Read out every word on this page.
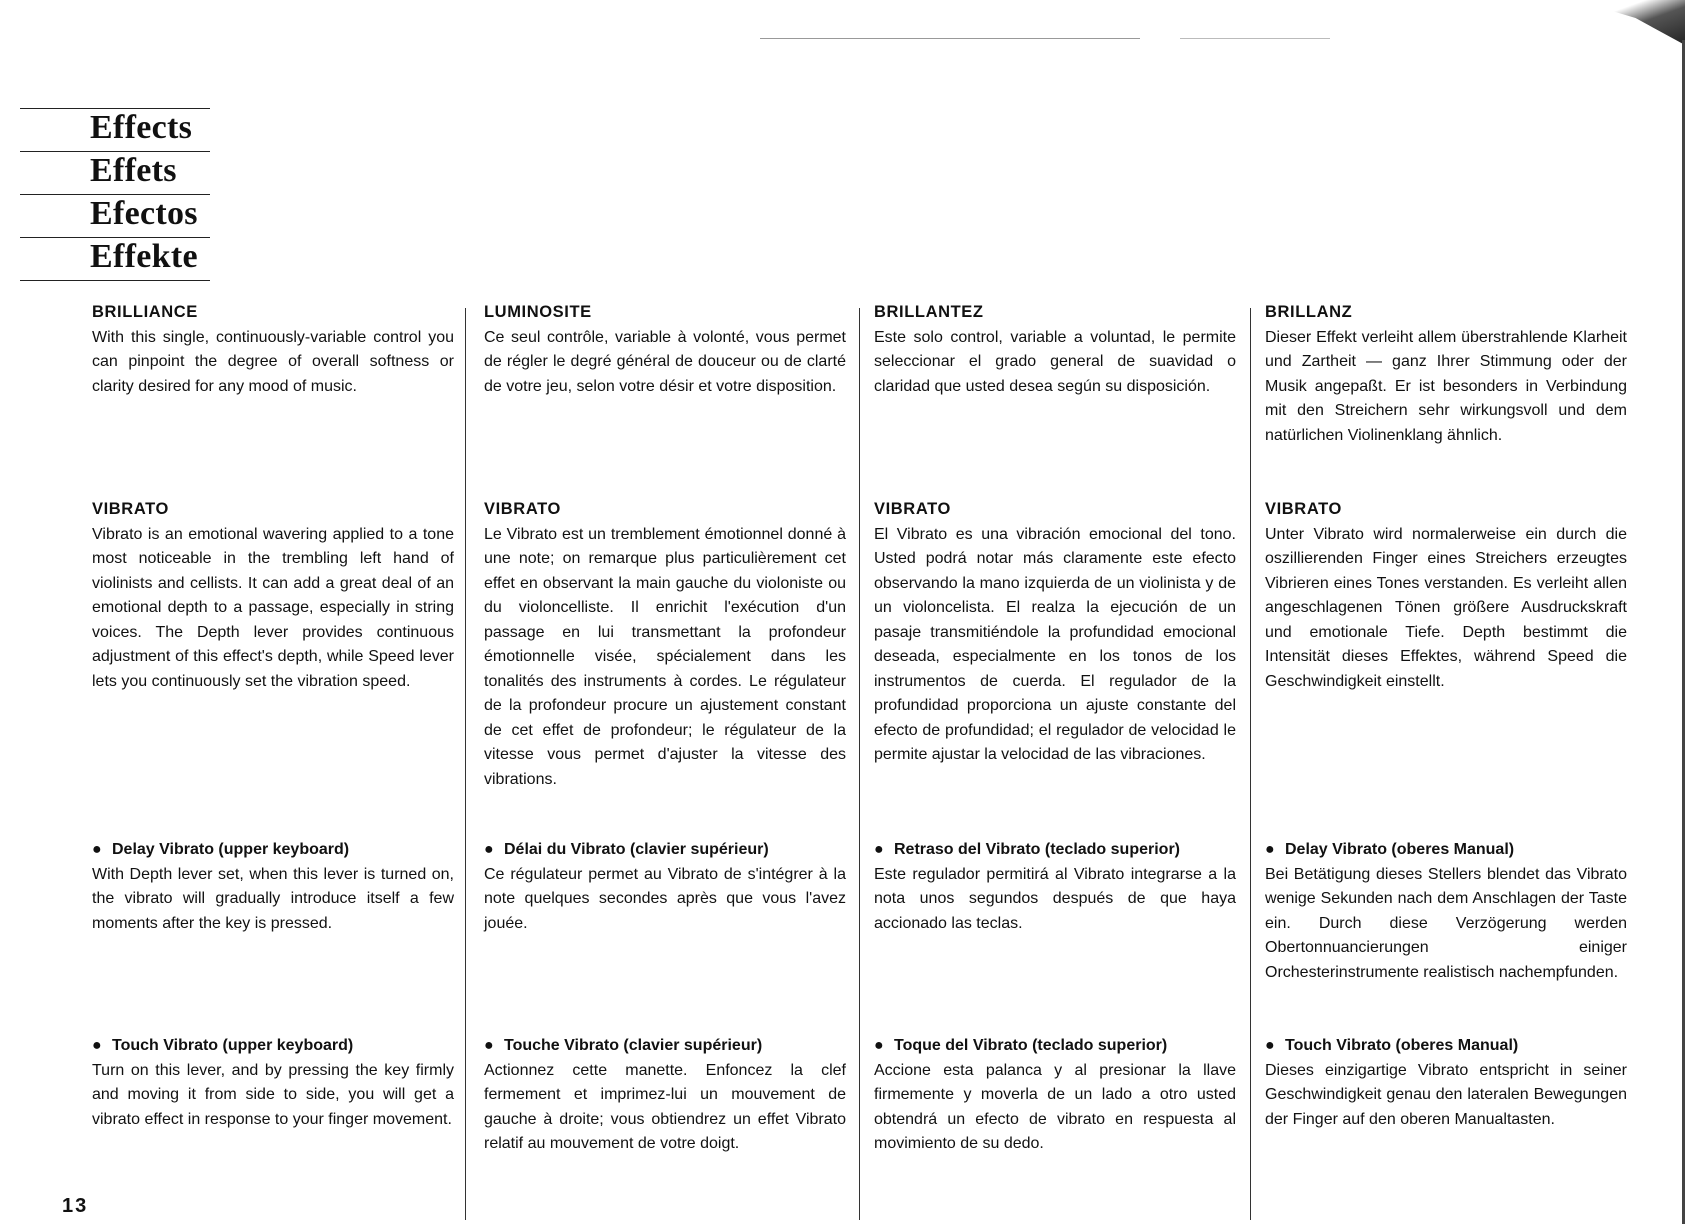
Effects
Effets
Efectos
Effekte
BRILLIANCE

With this single, continuously-variable control you can pinpoint the degree of overall softness or clarity desired for any mood of music.

VIBRATO

Vibrato is an emotional wavering applied to a tone most noticeable in the trembling left hand of violinists and cellists. It can add a great deal of an emotional depth to a passage, especially in string voices. The Depth lever provides continuous adjustment of this effect's depth, while Speed lever lets you continuously set the vibration speed.

● Delay Vibrato (upper keyboard)

With Depth lever set, when this lever is turned on, the vibrato will gradually introduce itself a few moments after the key is pressed.

● Touch Vibrato (upper keyboard)

Turn on this lever, and by pressing the key firmly and moving it from side to side, you will get a vibrato effect in response to your finger movement.

LUMINOSITE

Ce seul contrôle, variable à volonté, vous permet de régler le degré général de douceur ou de clarté de votre jeu, selon votre désir et votre disposition.

VIBRATO

Le Vibrato est un tremblement émotionnel donné à une note; on remarque plus particulièrement cet effet en observant la main gauche du violoniste ou du violoncelliste. Il enrichit l'exécution d'un passage en lui transmettant la profondeur émotionnelle visée, spécialement dans les tonalités des instruments à cordes. Le régulateur de la profondeur procure un ajustement constant de cet effet de profondeur; le régulateur de la vitesse vous permet d'ajuster la vitesse des vibrations.

● Délai du Vibrato (clavier supérieur)

Ce régulateur permet au Vibrato de s'intégrer à la note quelques secondes après que vous l'avez jouée.

● Touche Vibrato (clavier supérieur)

Actionnez cette manette. Enfoncez la clef fermement et imprimez-lui un mouvement de gauche à droite; vous obtiendrez un effet Vibrato relatif au mouvement de votre doigt.

BRILLANTEZ

Este solo control, variable a voluntad, le permite seleccionar el grado general de suavidad o claridad que usted desea según su disposición.

VIBRATO

El Vibrato es una vibración emocional del tono. Usted podrá notar más claramente este efecto observando la mano izquierda de un violinista y de un violoncelista. El realza la ejecución de un pasaje transmitiéndole la profundidad emocional deseada, especialmente en los tonos de los instrumentos de cuerda. El regulador de la profundidad proporciona un ajuste constante del efecto de profundidad; el regulador de velocidad le permite ajustar la velocidad de las vibraciones.

● Retraso del Vibrato (teclado superior)

Este regulador permitirá al Vibrato integrarse a la nota unos segundos después de que haya accionado las teclas.

● Toque del Vibrato (teclado superior)

Accione esta palanca y al presionar la llave firmemente y moverla de un lado a otro usted obtendrá un efecto de vibrato en respuesta al movimiento de su dedo.

BRILLANZ

Dieser Effekt verleiht allem überstrahlende Klarheit und Zartheit — ganz Ihrer Stimmung oder der Musik angepaßt. Er ist besonders in Verbindung mit den Streichern sehr wirkungsvoll und dem natürlichen Violinenklang ähnlich.

VIBRATO

Unter Vibrato wird normalerweise ein durch die oszillierenden Finger eines Streichers erzeugtes Vibrieren eines Tones verstanden. Es verleiht allen angeschlagenen Tönen größere Ausdruckskraft und emotionale Tiefe. Depth bestimmt die Intensität dieses Effektes, während Speed die Geschwindigkeit einstellt.

● Delay Vibrato (oberes Manual)

Bei Betätigung dieses Stellers blendet das Vibrato wenige Sekunden nach dem Anschlagen der Taste ein. Durch diese Verzögerung werden Obertonnuancierungen einiger Orchesterinstrumente realistisch nachempfunden.

● Touch Vibrato (oberes Manual)

Dieses einzigartige Vibrato entspricht in seiner Geschwindigkeit genau den lateralen Bewegungen der Finger auf den oberen Manualtasten.

13
